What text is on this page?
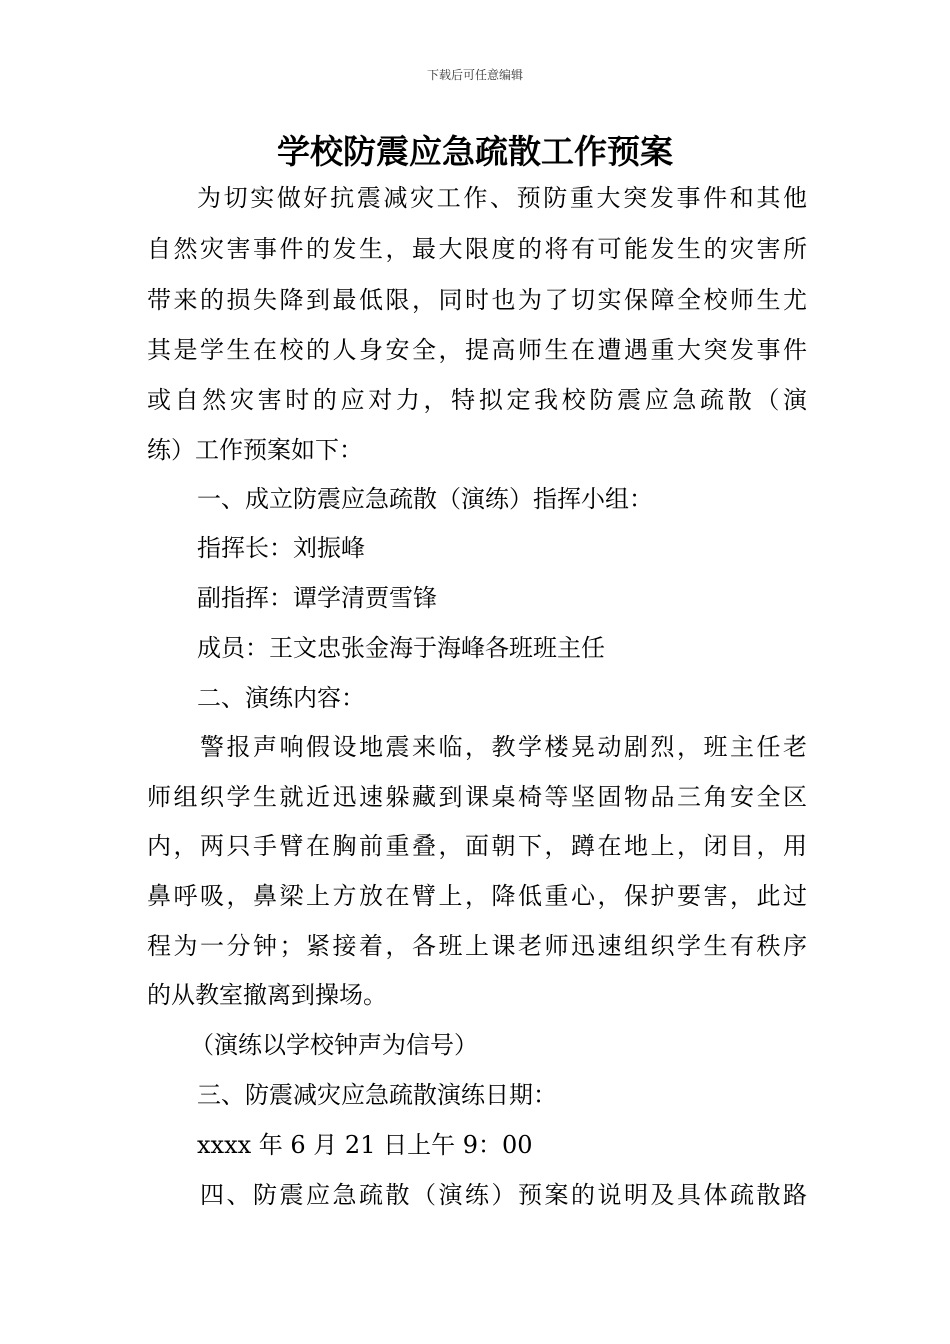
下载后可任意编辑
学校防震应急疏散工作预案
为切实做好抗震减灾工作、预防重大突发事件和其他
自然灾害事件的发生，最大限度的将有可能发生的灾害所
带来的损失降到最低限，同时也为了切实保障全校师生尤
其是学生在校的人身安全，提高师生在遭遇重大突发事件
或自然灾害时的应对力，特拟定我校防震应急疏散（演
练）工作预案如下：
一、成立防震应急疏散（演练）指挥小组：
指挥长：刘振峰
副指挥：谭学清贾雪锋
成员：王文忠张金海于海峰各班班主任
二、演练内容：
警报声响假设地震来临，教学楼晃动剧烈，班主任老
师组织学生就近迅速躲藏到课桌椅等坚固物品三角安全区
内，两只手臂在胸前重叠，面朝下，蹲在地上，闭目，用
鼻呼吸，鼻梁上方放在臂上，降低重心，保护要害，此过
程为一分钟；紧接着，各班上课老师迅速组织学生有秩序
的从教室撤离到操场。
（演练以学校钟声为信号）
三、防震减灾应急疏散演练日期：
xxxx 年 6 月 21 日上午 9：00
四、防震应急疏散（演练）预案的说明及具体疏散路
